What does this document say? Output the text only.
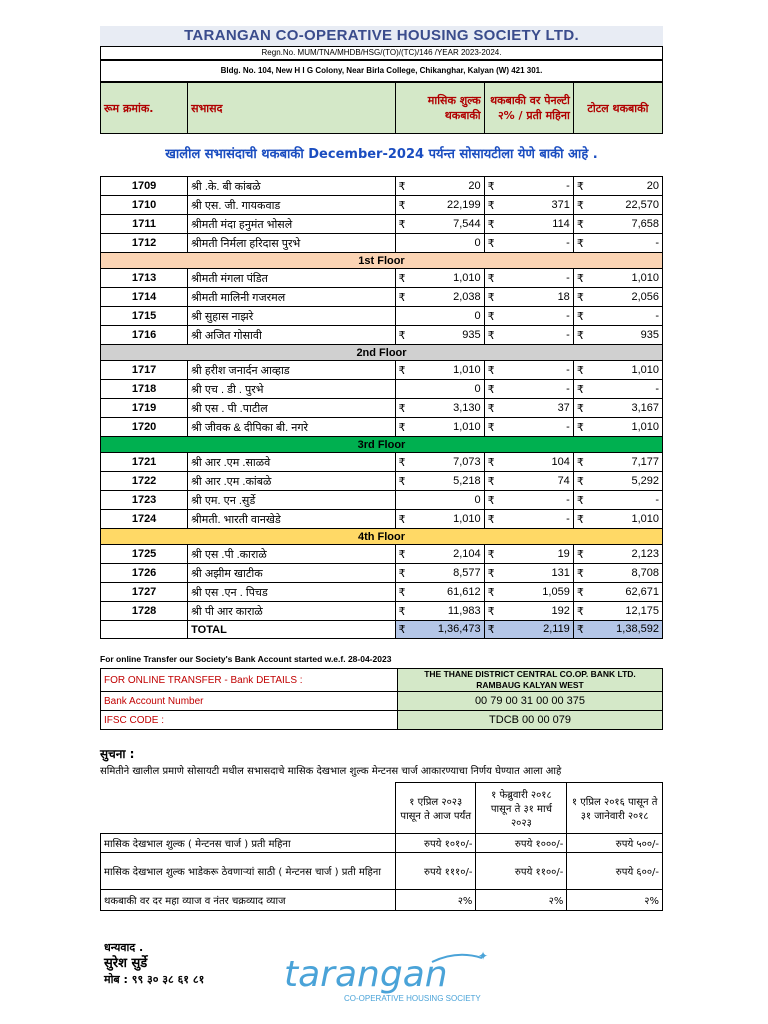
TARANGAN CO-OPERATIVE HOUSING SOCIETY LTD.
Regn.No. MUM/TNA/MHDB/HSG/(TO)/(TC)/146 /YEAR 2023-2024.
Bldg. No. 104, New H I G Colony, Near Birla College, Chikanghar, Kalyan (W) 421 301.
रूम क्रमांक.	सभासद	मासिक शुल्क थकबाकी	थकबाकी वर पेनल्टी २% / प्रती महिना	टोटल थकबाकी
खालील सभासंदाची थकबाकी December-2024 पर्यन्त सोसायटीला येणे बाकी आहे .
1709	श्री .के. बी कांबळे	₹ 20	₹ -	₹ 20

1710	श्री एस. जी. गायकवाड	₹ 22,199	₹ 371	₹ 22,570

1711	श्रीमती मंदा हनुमंत भोसले	₹ 7,544	₹ 114	₹ 7,658

1712	श्रीमती निर्मला हरिदास पुरभे	0	₹ -	₹ -

1st Floor				
1713	श्रीमती मंगला पंडित	₹ 1,010	₹ -	₹ 1,010

1714	श्रीमती मालिनी गजरमल	₹ 2,038	₹ 18	₹ 2,056

1715	श्री सुहास नाझरे	0	₹ -	₹ -

1716	श्री अजित गोसावी	₹ 935	₹ -	₹ 935

2nd Floor				
1717	श्री हरीश जनार्दन आव्हाड	₹ 1,010	₹ -	₹ 1,010

1718	श्री एच . डी . पुरभे	0	₹ -	₹ -

1719	श्री एस . पी .पाटील	₹ 3,130	₹ 37	₹ 3,167

1720	श्री जीवक & दीपिका बी. नगरे	₹ 1,010	₹ -	₹ 1,010

3rd Floor				
1721	श्री आर .एम .साळवे	₹ 7,073	₹ 104	₹ 7,177

1722	श्री आर .एम .कांबळे	₹ 5,218	₹ 74	₹ 5,292

1723	श्री एम. एन .सुर्डे	0	₹ -	₹ -

1724	श्रीमती. भारती वानखेडे	₹ 1,010	₹ -	₹ 1,010

4th Floor				
1725	श्री एस .पी .काराळे	₹ 2,104	₹ 19	₹ 2,123

1726	श्री अझीम खाटीक	₹ 8,577	₹ 131	₹ 8,708

1727	श्री एस .एन . पिचड	₹ 61,612	₹ 1,059	₹ 62,671

1728	श्री पी आर काराळे	₹ 11,983	₹ 192	₹ 12,175

	TOTAL	₹ 1,36,473	₹ 2,119	₹ 1,38,592
For online Transfer our Society's Bank Account started w.e.f. 28-04-2023
FOR ONLINE TRANSFER - Bank DETAILS :	THE THANE DISTRICT CENTRAL CO.OP. BANK LTD.
RAMBAUG KALYAN WEST

Bank Account Number	00 79 00 31 00 00 375
IFSC CODE :	TDCB 00 00 079
सुचना :
समितीने खालील प्रमाणे सोसायटी मधील सभासदाचे मासिक देखभाल शुल्क मेन्टनस चार्ज आकारण्याचा निर्णय घेण्यात आला आहे
	१ एप्रिल २०२३ पासून ते आज पर्यंत	१ फेब्रुवारी २०१८ पासून ते ३१ मार्च २०२३	१ एप्रिल २०१६ पासून ते ३१ जानेवारी २०१८
मासिक देखभाल शुल्क ( मेन्टनस चार्ज ) प्रती महिना	रुपये १०१०/-	रुपये १०००/-	रुपये ५००/-
मासिक देखभाल शुल्क भाडेकरू ठेवणाऱ्यां साठी ( मेन्टनस चार्ज ) प्रती महिना	रुपये १११०/-	रुपये ११००/-	रुपये ६००/-
थकबाकी वर दर महा व्याज व नंतर चक्रव्याद व्याज	२%	२%	२%
धन्यवाद .
सुरेश सुर्डे
मोब : ९९ ३० ३८ ६१ ८१
✦
tarangan
CO-OPERATIVE HOUSING SOCIETY
